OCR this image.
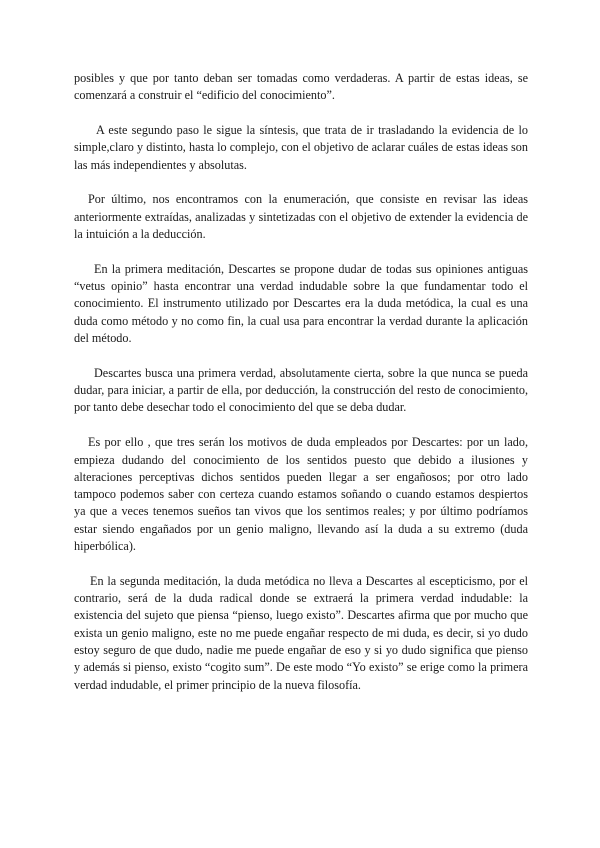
posibles y que por tanto deban ser tomadas como verdaderas. A partir de estas ideas, se comenzará a construir el “edificio del conocimiento”.

A este segundo paso le sigue la síntesis, que trata de ir trasladando la evidencia de lo simple,claro y distinto, hasta lo complejo, con el objetivo de aclarar cuáles de estas ideas son las más independientes y absolutas.

Por último, nos encontramos con la enumeración, que consiste en revisar las ideas anteriormente extraídas, analizadas y sintetizadas con el objetivo de extender la evidencia de la intuición a la deducción.

En la primera meditación, Descartes se propone dudar de todas sus opiniones antiguas “vetus opinio” hasta encontrar una verdad indudable sobre la que fundamentar todo el conocimiento. El instrumento utilizado por Descartes era la duda metódica, la cual es una duda como método y no como fin, la cual usa para encontrar la verdad durante la aplicación del método.

Descartes busca una primera verdad, absolutamente cierta, sobre la que nunca se pueda dudar, para iniciar, a partir de ella, por deducción, la construcción del resto de conocimiento, por tanto debe desechar todo el conocimiento del que se deba dudar.

Es por ello , que tres serán los motivos de duda empleados por Descartes: por un lado, empieza dudando del conocimiento de los sentidos puesto que debido a ilusiones y alteraciones perceptivas dichos sentidos pueden llegar a ser engañosos; por otro lado tampoco podemos saber con certeza cuando estamos soñando o cuando estamos despiertos ya que a veces tenemos sueños tan vivos que los sentimos reales; y por último podríamos estar siendo engañados por un genio maligno, llevando así la duda a su extremo (duda hiperbólica).

En la segunda meditación, la duda metódica no lleva a Descartes al escepticismo, por el contrario, será de la duda radical donde se extraerá la primera verdad indudable: la existencia del sujeto que piensa “pienso, luego existo”. Descartes afirma que por mucho que exista un genio maligno, este no me puede engañar respecto de mi duda, es decir, si yo dudo estoy seguro de que dudo, nadie me puede engañar de eso y si yo dudo significa que pienso y además si pienso, existo “cogito sum”. De este modo “Yo existo” se erige como la primera verdad indudable, el primer principio de la nueva filosofía.
